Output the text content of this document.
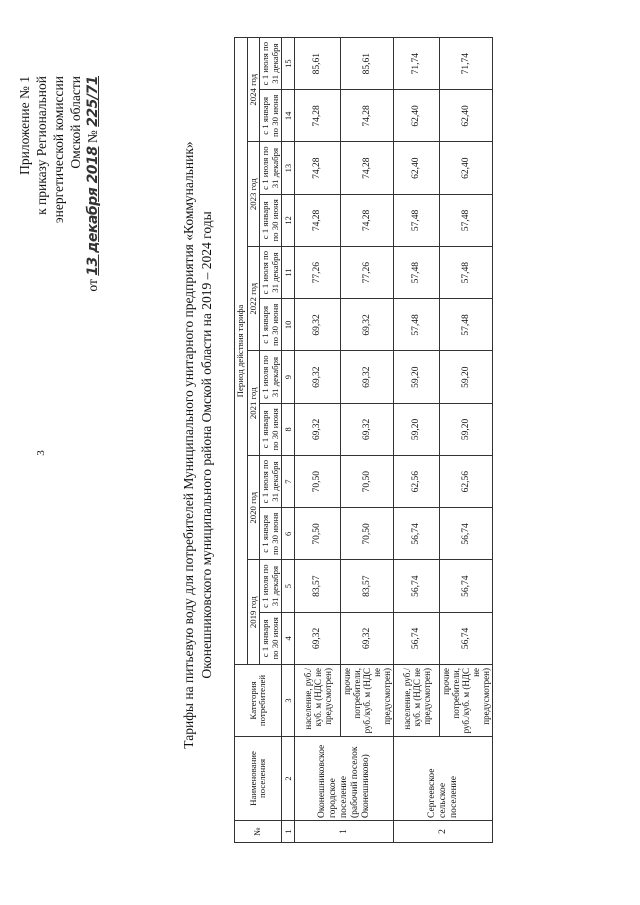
3
Приложение № 1 к приказу Региональной энергетической комиссии Омской области
от 13 декабря 2018 № 225/71
Тарифы на питьевую воду для потребителей Муниципального унитарного предприятия «Коммунальник» Оконешниковского муниципального района Омской области на 2019 – 2024 годы
№	Наименование поселения	Категория потребителей	Период действия тарифа											
			2019 год		2020 год		2021 год		2022 год		2023 год		2024 год	
			с 1 января по 30 июня	с 1 июля по 31 декабря	с 1 января по 30 июня	с 1 июля по 31 декабря	с 1 января по 30 июня	с 1 июля по 31 декабря	с 1 января по 30 июня	с 1 июля по 31 декабря	с 1 января по 30 июня	с 1 июля по 31 декабря	с 1 января по 30 июня	с 1 июля по 31 декабря
1	2	3	4	5	6	7	8	9	10	11	12	13	14	15
1	Оконешниковское городское поселение (рабочий поселок Оконешниково)	население, руб./куб. м (НДС не предусмотрен)	69,32	83,57	70,50	70,50	69,32	69,32	69,32	77,26	74,28	74,28	74,28	85,61
		прочие потребители, руб./куб. м (НДС не предусмотрен)	69,32	83,57	70,50	70,50	69,32	69,32	69,32	77,26	74,28	74,28	74,28	85,61
2	Сергеевское сельское поселение	население, руб./куб. м (НДС не предусмотрен)	56,74	56,74	56,74	62,56	59,20	59,20	57,48	57,48	57,48	62,40	62,40	71,74
		прочие потребители, руб./куб. м (НДС не предусмотрен)	56,74	56,74	56,74	62,56	59,20	59,20	57,48	57,48	57,48	62,40	62,40	71,74
